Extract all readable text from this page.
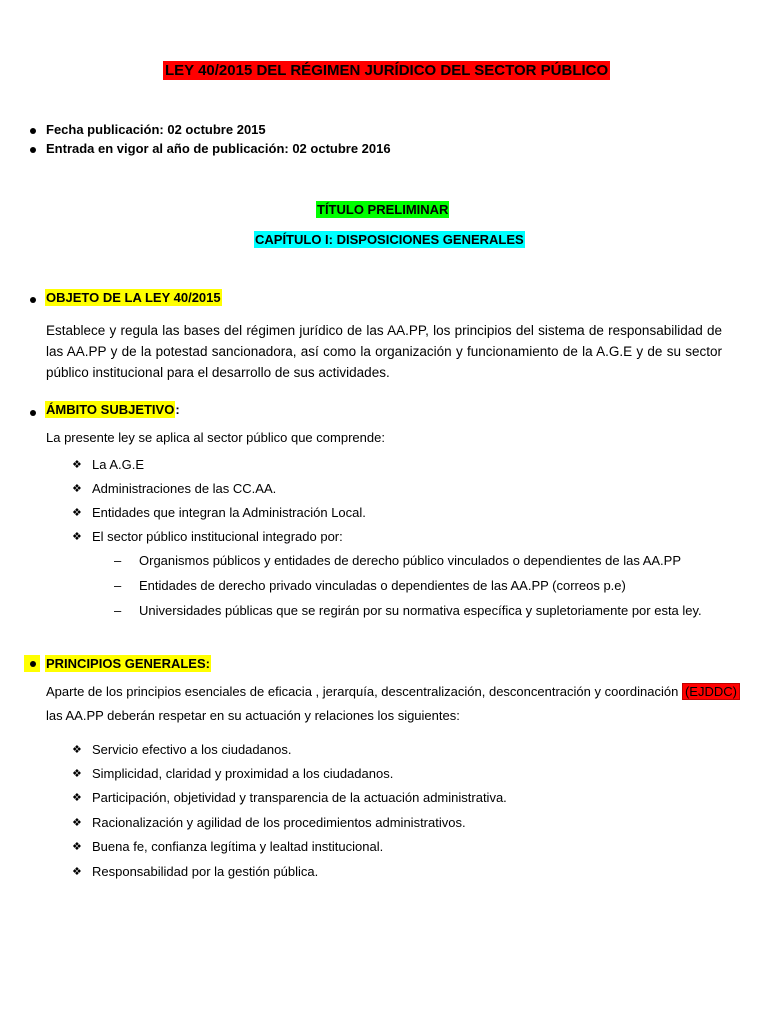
LEY 40/2015 DEL RÉGIMEN JURÍDICO DEL SECTOR PÚBLICO
Fecha publicación: 02 octubre 2015
Entrada en vigor al año de publicación: 02 octubre 2016
TÍTULO PRELIMINAR
CAPÍTULO I: DISPOSICIONES GENERALES
OBJETO DE LA LEY 40/2015
Establece y regula las bases del régimen jurídico de las AA.PP, los principios del sistema de responsabilidad de las AA.PP y de la potestad sancionadora, así como la organización y funcionamiento de la A.G.E y de su sector público institucional para el desarrollo de sus actividades.
ÁMBITO SUBJETIVO:
La presente ley se aplica al sector público que comprende:
❖ La A.G.E
❖ Administraciones de las CC.AA.
❖ Entidades que integran la Administración Local.
❖ El sector público institucional integrado por:
– Organismos públicos y entidades de derecho público vinculados o dependientes de las AA.PP
– Entidades de derecho privado vinculadas o dependientes de las AA.PP (correos p.e)
– Universidades públicas que se regirán por su normativa específica y supletoriamente por esta ley.
PRINCIPIOS GENERALES:
Aparte de los principios esenciales de eficacia , jerarquía, descentralización, desconcentración y coordinación (EJDDC)
las AA.PP deberán respetar en su actuación y relaciones los siguientes:
❖ Servicio efectivo a los ciudadanos.
❖ Simplicidad, claridad y proximidad a los ciudadanos.
❖ Participación, objetividad y transparencia de la actuación administrativa.
❖ Racionalización y agilidad de los procedimientos administrativos.
❖ Buena fe, confianza legítima y lealtad institucional.
❖ Responsabilidad por la gestión pública.
